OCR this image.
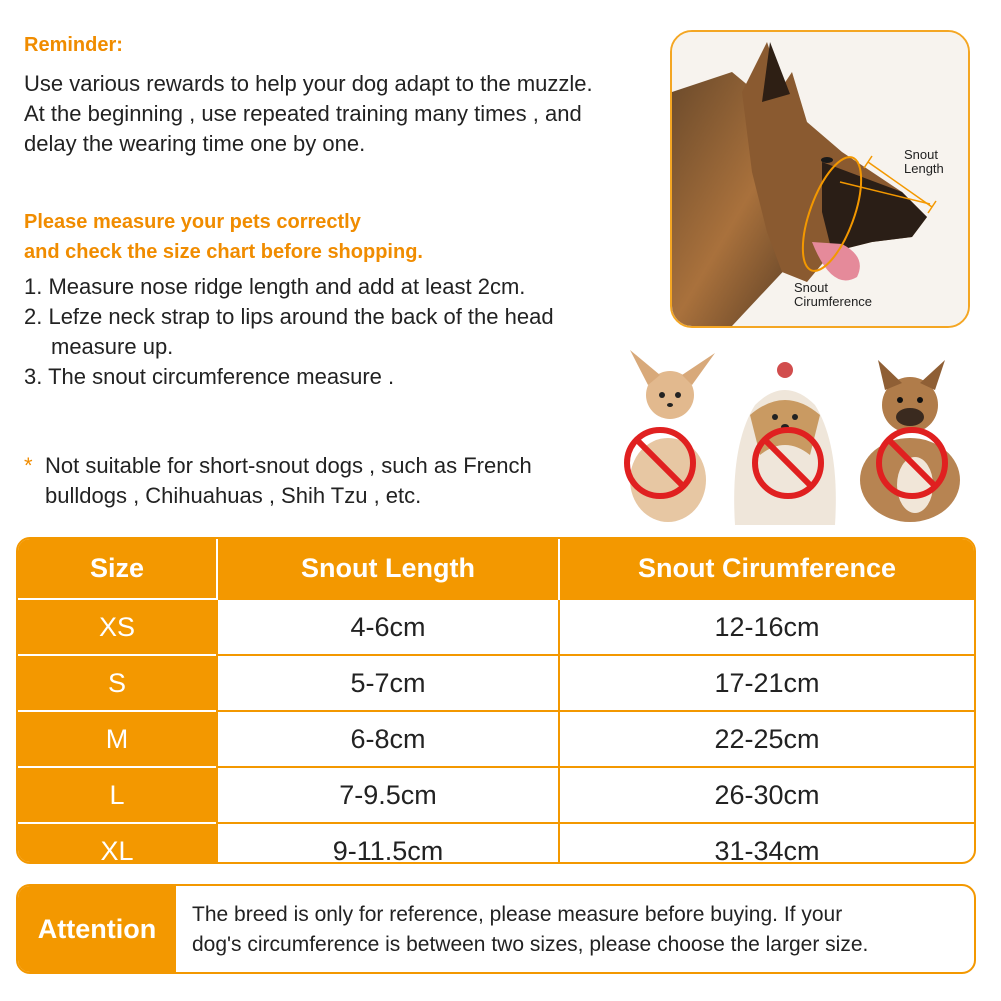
Reminder:
Use various rewards to help your dog adapt to the muzzle.
At the beginning , use repeated training many times , and
delay the wearing time one by one.
Please measure your pets correctly
and check the size chart before shopping.
1. Measure nose ridge length and add at least 2cm.
2. Lefze neck strap to lips around the back of the head
measure up.
3. The snout circumference measure .
* Not suitable for short-snout dogs , such as French
bulldogs , Chihuahuas , Shih Tzu , etc.
Snout Length
Snout Cirumference
Size	Snout Length	Snout Cirumference
XS	4-6cm	12-16cm
S	5-7cm	17-21cm
M	6-8cm	22-25cm
L	7-9.5cm	26-30cm
XL	9-11.5cm	31-34cm
Attention	The breed is only for reference, please measure before buying. If your
dog's circumference is between two sizes, please choose the larger size.
